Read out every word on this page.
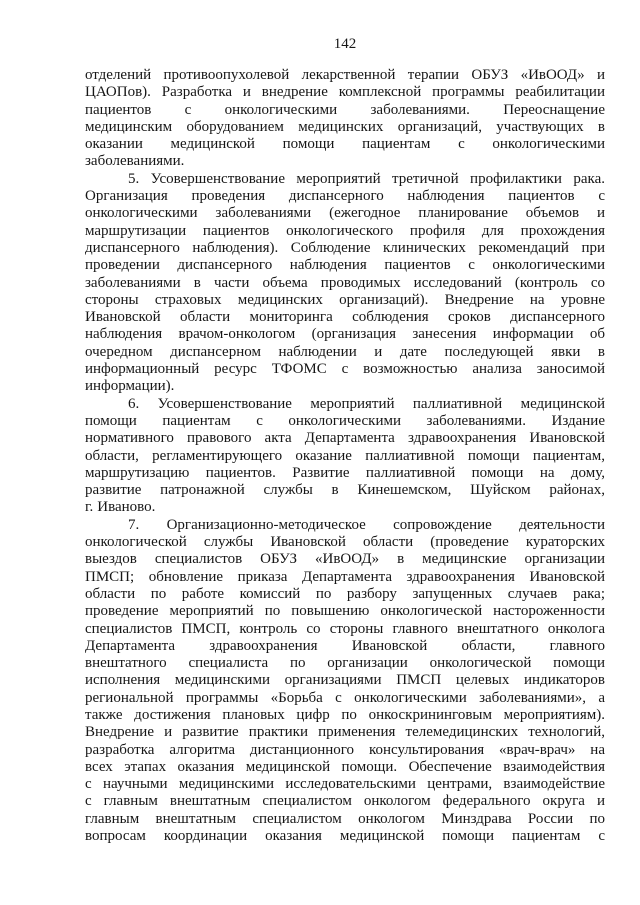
142
отделений противоопухолевой лекарственной терапии ОБУЗ «ИвООД» и
ЦАОПов). Разработка и внедрение комплексной программы реабилитации
пациентов с онкологическими заболеваниями. Переоснащение
медицинским оборудованием медицинских организаций, участвующих в
оказании медицинской помощи пациентам с онкологическими
заболеваниями.
5. Усовершенствование мероприятий третичной профилактики рака.
Организация проведения диспансерного наблюдения пациентов с
онкологическими заболеваниями (ежегодное планирование объемов и
маршрутизации пациентов онкологического профиля для прохождения
диспансерного наблюдения). Соблюдение клинических рекомендаций при
проведении диспансерного наблюдения пациентов с онкологическими
заболеваниями в части объема проводимых исследований (контроль со
стороны страховых медицинских организаций). Внедрение на уровне
Ивановской области мониторинга соблюдения сроков диспансерного
наблюдения врачом-онкологом (организация занесения информации об
очередном диспансерном наблюдении и дате последующей явки в
информационный ресурс ТФОМС с возможностью анализа заносимой
информации).
6. Усовершенствование мероприятий паллиативной медицинской
помощи пациентам с онкологическими заболеваниями. Издание
нормативного правового акта Департамента здравоохранения Ивановской
области, регламентирующего оказание паллиативной помощи пациентам,
маршрутизацию пациентов. Развитие паллиативной помощи на дому,
развитие патронажной службы в Кинешемском, Шуйском районах,
г. Иваново.
7. Организационно-методическое сопровождение деятельности
онкологической службы Ивановской области (проведение кураторских
выездов специалистов ОБУЗ «ИвООД» в медицинские организации
ПМСП; обновление приказа Департамента здравоохранения Ивановской
области по работе комиссий по разбору запущенных случаев рака;
проведение мероприятий по повышению онкологической настороженности
специалистов ПМСП, контроль со стороны главного внештатного онколога
Департамента здравоохранения Ивановской области, главного
внештатного специалиста по организации онкологической помощи
исполнения медицинскими организациями ПМСП целевых индикаторов
региональной программы «Борьба с онкологическими заболеваниями», а
также достижения плановых цифр по онкоскрининговым мероприятиям).
Внедрение и развитие практики применения телемедицинских технологий,
разработка алгоритма дистанционного консультирования «врач-врач» на
всех этапах оказания медицинской помощи. Обеспечение взаимодействия
с научными медицинскими исследовательскими центрами, взаимодействие
с главным внештатным специалистом онкологом федерального округа и
главным внештатным специалистом онкологом Минздрава России по
вопросам координации оказания медицинской помощи пациентам с
